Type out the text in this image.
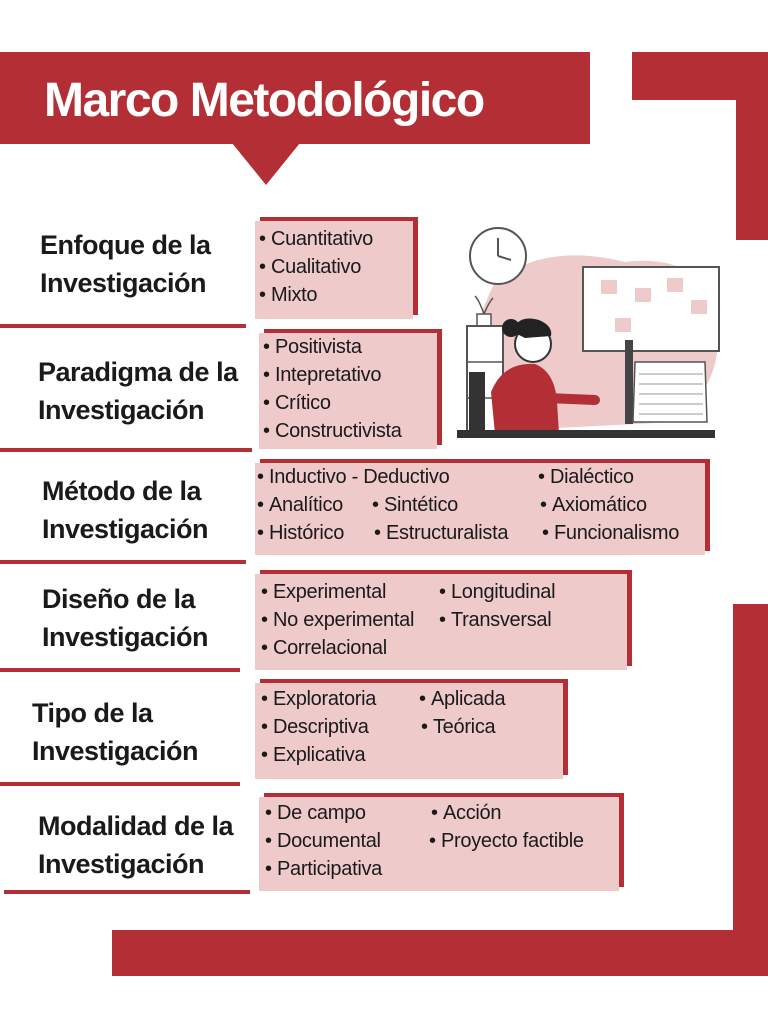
Marco Metodológico
Enfoque de la
Investigación
• Cuantitativo
• Cualitativo
• Mixto
Paradigma de la
Investigación
• Positivista
• Intepretativo
• Crítico
• Constructivista
Método de la
Investigación
• Inductivo - Deductivo	• Dialéctico
• Analítico	• Sintético	• Axiomático
• Histórico	• Estructuralista	• Funcionalismo
Diseño de la
Investigación
• Experimental	• Longitudinal
• No experimental	• Transversal
• Correlacional
Tipo de la
Investigación
• Exploratoria	• Aplicada
• Descriptiva	• Teórica
• Explicativa
Modalidad de la
Investigación
• De campo	• Acción
• Documental	• Proyecto factible
• Participativa
